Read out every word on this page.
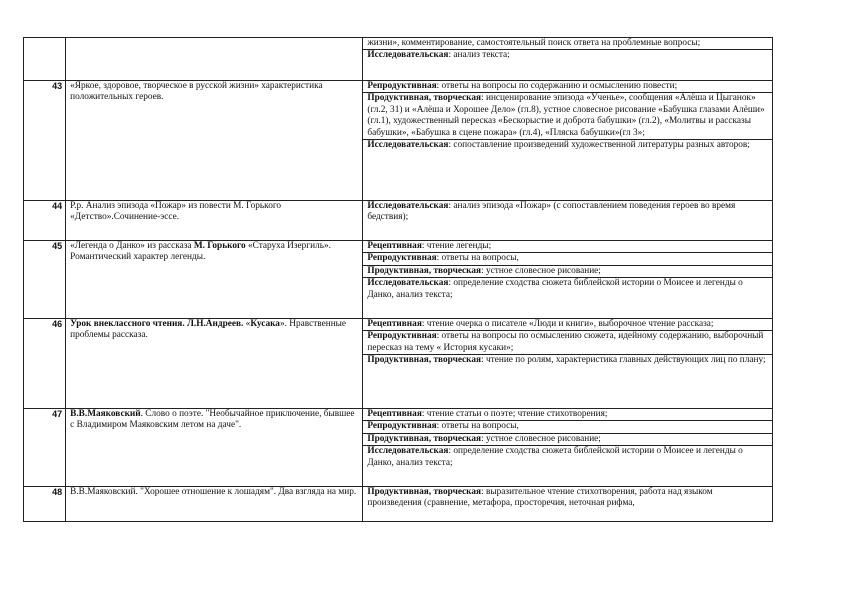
		жизни», комментирование, самостоятельный поиск ответа на проблемные вопросы;
Исследовательская: анализ текста;

43	«Яркое, здоровое, творческое в русской жизни» характеристика положительных героев.	Репродуктивная: ответы на вопросы по содержанию и осмыслению повести;
Продуктивная, творческая: инсценирование эпизода «Ученье», сообщения «Алёша и Цыганок» (гл.2, 31) и «Алёша и Хорошее Дело» (гл.8), устное словесное рисование «Бабушка глазами Алёши» (гл.1), художественный пересказ «Бескорыстие и доброта бабушки» (гл.2), «Молитвы и рассказы бабушки», «Бабушка в сцене пожара» (гл.4), «Пляска бабушки»(гл 3»;
Исследовательская: сопоставление произведений художественной литературы разных авторов;

44	Р.р. Анализ эпизода «Пожар» из повести М. Горького «Детство».Сочинение-эссе.	Исследовательская: анализ эпизода «Пожар» (с сопоставлением поведения героев во время бедствия);

45	«Легенда о Данко» из рассказа М. Горького «Старуха Изергиль». Романтический характер легенды.	Рецептивная: чтение легенды;
Репродуктивная: ответы на вопросы,
Продуктивная, творческая: устное словесное рисование;
Исследовательская: определение сходства сюжета библейской истории о Моисее и легенды о Данко, анализ текста;

46	Урок внеклассного чтения. Л.Н.Андреев. «Кусака». Нравственные проблемы рассказа.	Рецептивная: чтение очерка о писателе «Люди и книги», выборочное чтение рассказа;
Репродуктивная: ответы на вопросы по осмыслению сюжета, идейному содержанию, выборочный пересказ на тему « История кусаки»;
Продуктивная, творческая: чтение по ролям, характеристика главных действующих лиц по плану;

47	В.В.Маяковский. Слово о поэте. "Необычайное приключение, бывшее с Владимиром Маяковским летом на даче".	Рецептивная: чтение статьи о поэте; чтение стихотворения;
Репродуктивная: ответы на вопросы,
Продуктивная, творческая: устное словесное рисование;
Исследовательская: определение сходства сюжета библейской истории о Моисее и легенды о Данко, анализ текста;

48	В.В.Маяковский. "Хорошее отношение к лошадям". Два взгляда на мир.	Продуктивная, творческая: выразительное чтение стихотворения, работа над языком произведения (сравнение, метафора, просторечия, неточная рифма,
